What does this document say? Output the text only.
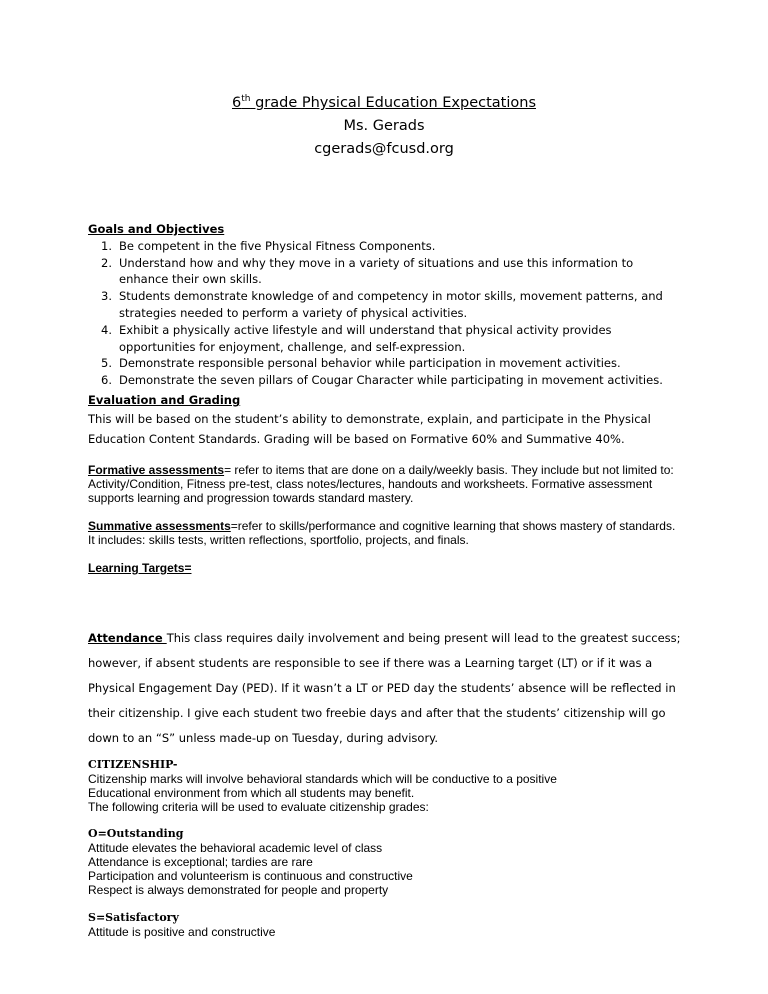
6th grade Physical Education Expectations
Ms. Gerads
cgerads@fcusd.org
Goals and Objectives
1. Be competent in the five Physical Fitness Components.
2. Understand how and why they move in a variety of situations and use this information to
enhance their own skills.
3. Students demonstrate knowledge of and competency in motor skills, movement patterns, and
strategies needed to perform a variety of physical activities.
4. Exhibit a physically active lifestyle and will understand that physical activity provides
opportunities for enjoyment, challenge, and self-expression.
5. Demonstrate responsible personal behavior while participation in movement activities.
6. Demonstrate the seven pillars of Cougar Character while participating in movement activities.
Evaluation and Grading
This will be based on the student’s ability to demonstrate, explain, and participate in the Physical
Education Content Standards. Grading will be based on Formative 60% and Summative 40%.
Formative assessments= refer to items that are done on a daily/weekly basis. They include but not limited to:
Activity/Condition, Fitness pre-test, class notes/lectures, handouts and worksheets. Formative assessment
supports learning and progression towards standard mastery.
Summative assessments=refer to skills/performance and cognitive learning that shows mastery of standards.
It includes: skills tests, written reflections, sportfolio, projects, and finals.
Learning Targets=
Attendance This class requires daily involvement and being present will lead to the greatest success;
however, if absent students are responsible to see if there was a Learning target (LT) or if it was a
Physical Engagement Day (PED). If it wasn’t a LT or PED day the students’ absence will be reflected in
their citizenship. I give each student two freebie days and after that the students’ citizenship will go
down to an “S” unless made-up on Tuesday, during advisory.
CITIZENSHIP-
Citizenship marks will involve behavioral standards which will be conductive to a positive
Educational environment from which all students may benefit.
The following criteria will be used to evaluate citizenship grades:
O=Outstanding
Attitude elevates the behavioral academic level of class
Attendance is exceptional; tardies are rare
Participation and volunteerism is continuous and constructive
Respect is always demonstrated for people and property
S=Satisfactory
Attitude is positive and constructive
